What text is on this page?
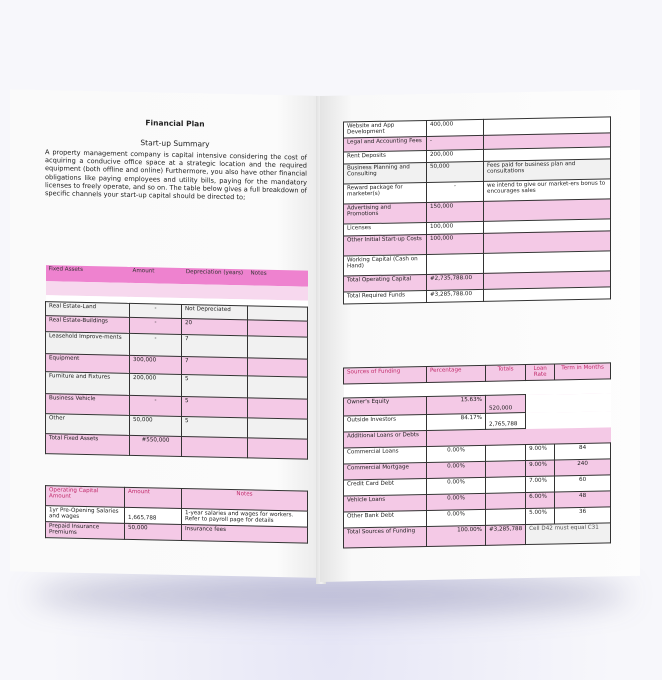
Financial Plan
Start-up Summary
A property management company is capital intensive considering the cost of acquiring a conducive office space at a strategic location and the required equipment (both offline and online) Furthermore, you also have other financial obligations like paying employees and utility bills, paying for the mandatory licenses to freely operate, and so on. The table below gives a full breakdown of specific channels your start-up capital should be directed to;
Fixed Assets	Amount	Depreciation (years)	Notes

Real Estate-Land	-	Not Depreciated	
Real Estate-Buildings	-	20	
Leasehold Improve-ments	-	7	
Equipment	300,000	7	
Furniture and Fixtures	200,000	5	
Business Vehicle	-	5	
Other	50,000	5	
Total Fixed Assets	#550,000		
Operating Capital Amount	Amount	Notes
1yr Pre-Opening Salaries and wages	1,665,788	1-year salaries and wages for workers. Refer to payroll page for details
Prepaid Insurance Premiums	50,000	Insurance fees
Website and App Development	400,000	
Legal and Accounting Fees	-	
Rent Deposits	200,000	
Business Planning and Consulting	50,000	Fees paid for business plan and consultations
Reward package for marketer(s)	-	we intend to give our market-ers bonus to encourages sales
Advertising and Promotions	150,000	
Licenses	100,000	
Other Initial Start-up Costs	100,000	
Working Capital (Cash on Hand)		
Total Operating Capital	#2,735,788.00	
Total Required Funds	#3,285,788.00	
Sources of Funding	Percentage	Totals	Loan Rate	Term in Months

Owner's Equity	15.63%	520,000		
Outside Investors	84.17%	2,765,788		
Additional Loans or Debts				
Commercial Loans	0.00%		9.00%	84
Commercial Mortgage	0.00%		9.00%	240
Credit Card Debt	0.00%		7.00%	60
Vehicle Loans	0.00%		6.00%	48
Other Bank Debt	0.00%		5.00%	36
Total Sources of Funding	100.00%	#3,285,788	Cell D42 must equal C31	
